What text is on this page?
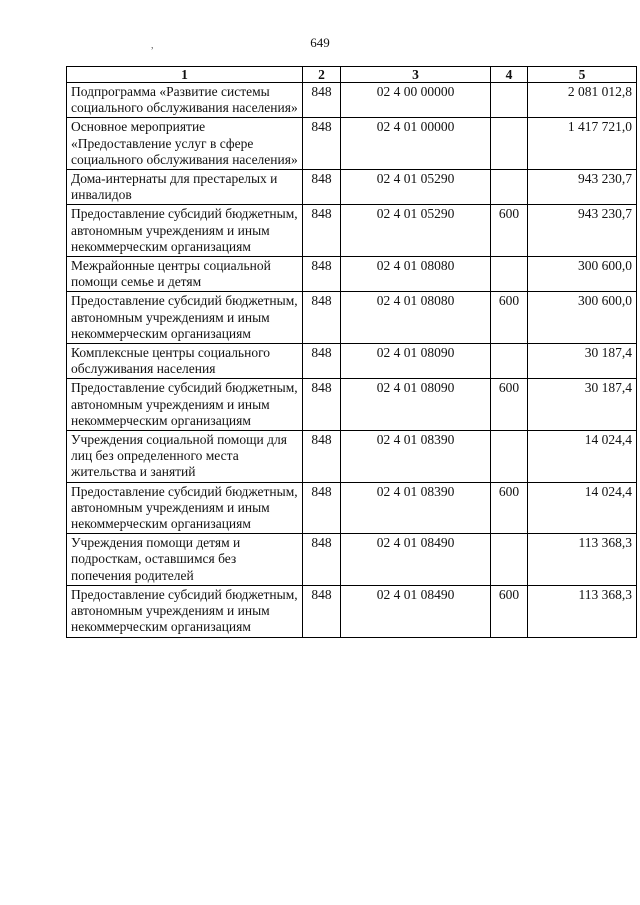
649
,
1	2	3	4	5
Подпрограмма «Развитие системы социального обслуживания населения»	848	02 4 00 00000		2 081 012,8
Основное мероприятие «Предоставление услуг в сфере социального обслуживания населения»	848	02 4 01 00000		1 417 721,0
Дома-интернаты для престарелых и инвалидов	848	02 4 01 05290		943 230,7
Предоставление субсидий бюджетным, автономным учреждениям и иным некоммерческим организациям	848	02 4 01 05290	600	943 230,7
Межрайонные центры социальной помощи семье и детям	848	02 4 01 08080		300 600,0
Предоставление субсидий бюджетным, автономным учреждениям и иным некоммерческим организациям	848	02 4 01 08080	600	300 600,0
Комплексные центры социального обслуживания населения	848	02 4 01 08090		30 187,4
Предоставление субсидий бюджетным, автономным учреждениям и иным некоммерческим организациям	848	02 4 01 08090	600	30 187,4
Учреждения социальной помощи для лиц без определенного места жительства и занятий	848	02 4 01 08390		14 024,4
Предоставление субсидий бюджетным, автономным учреждениям и иным некоммерческим организациям	848	02 4 01 08390	600	14 024,4
Учреждения помощи детям и подросткам, оставшимся без попечения родителей	848	02 4 01 08490		113 368,3
Предоставление субсидий бюджетным, автономным учреждениям и иным некоммерческим организациям	848	02 4 01 08490	600	113 368,3
